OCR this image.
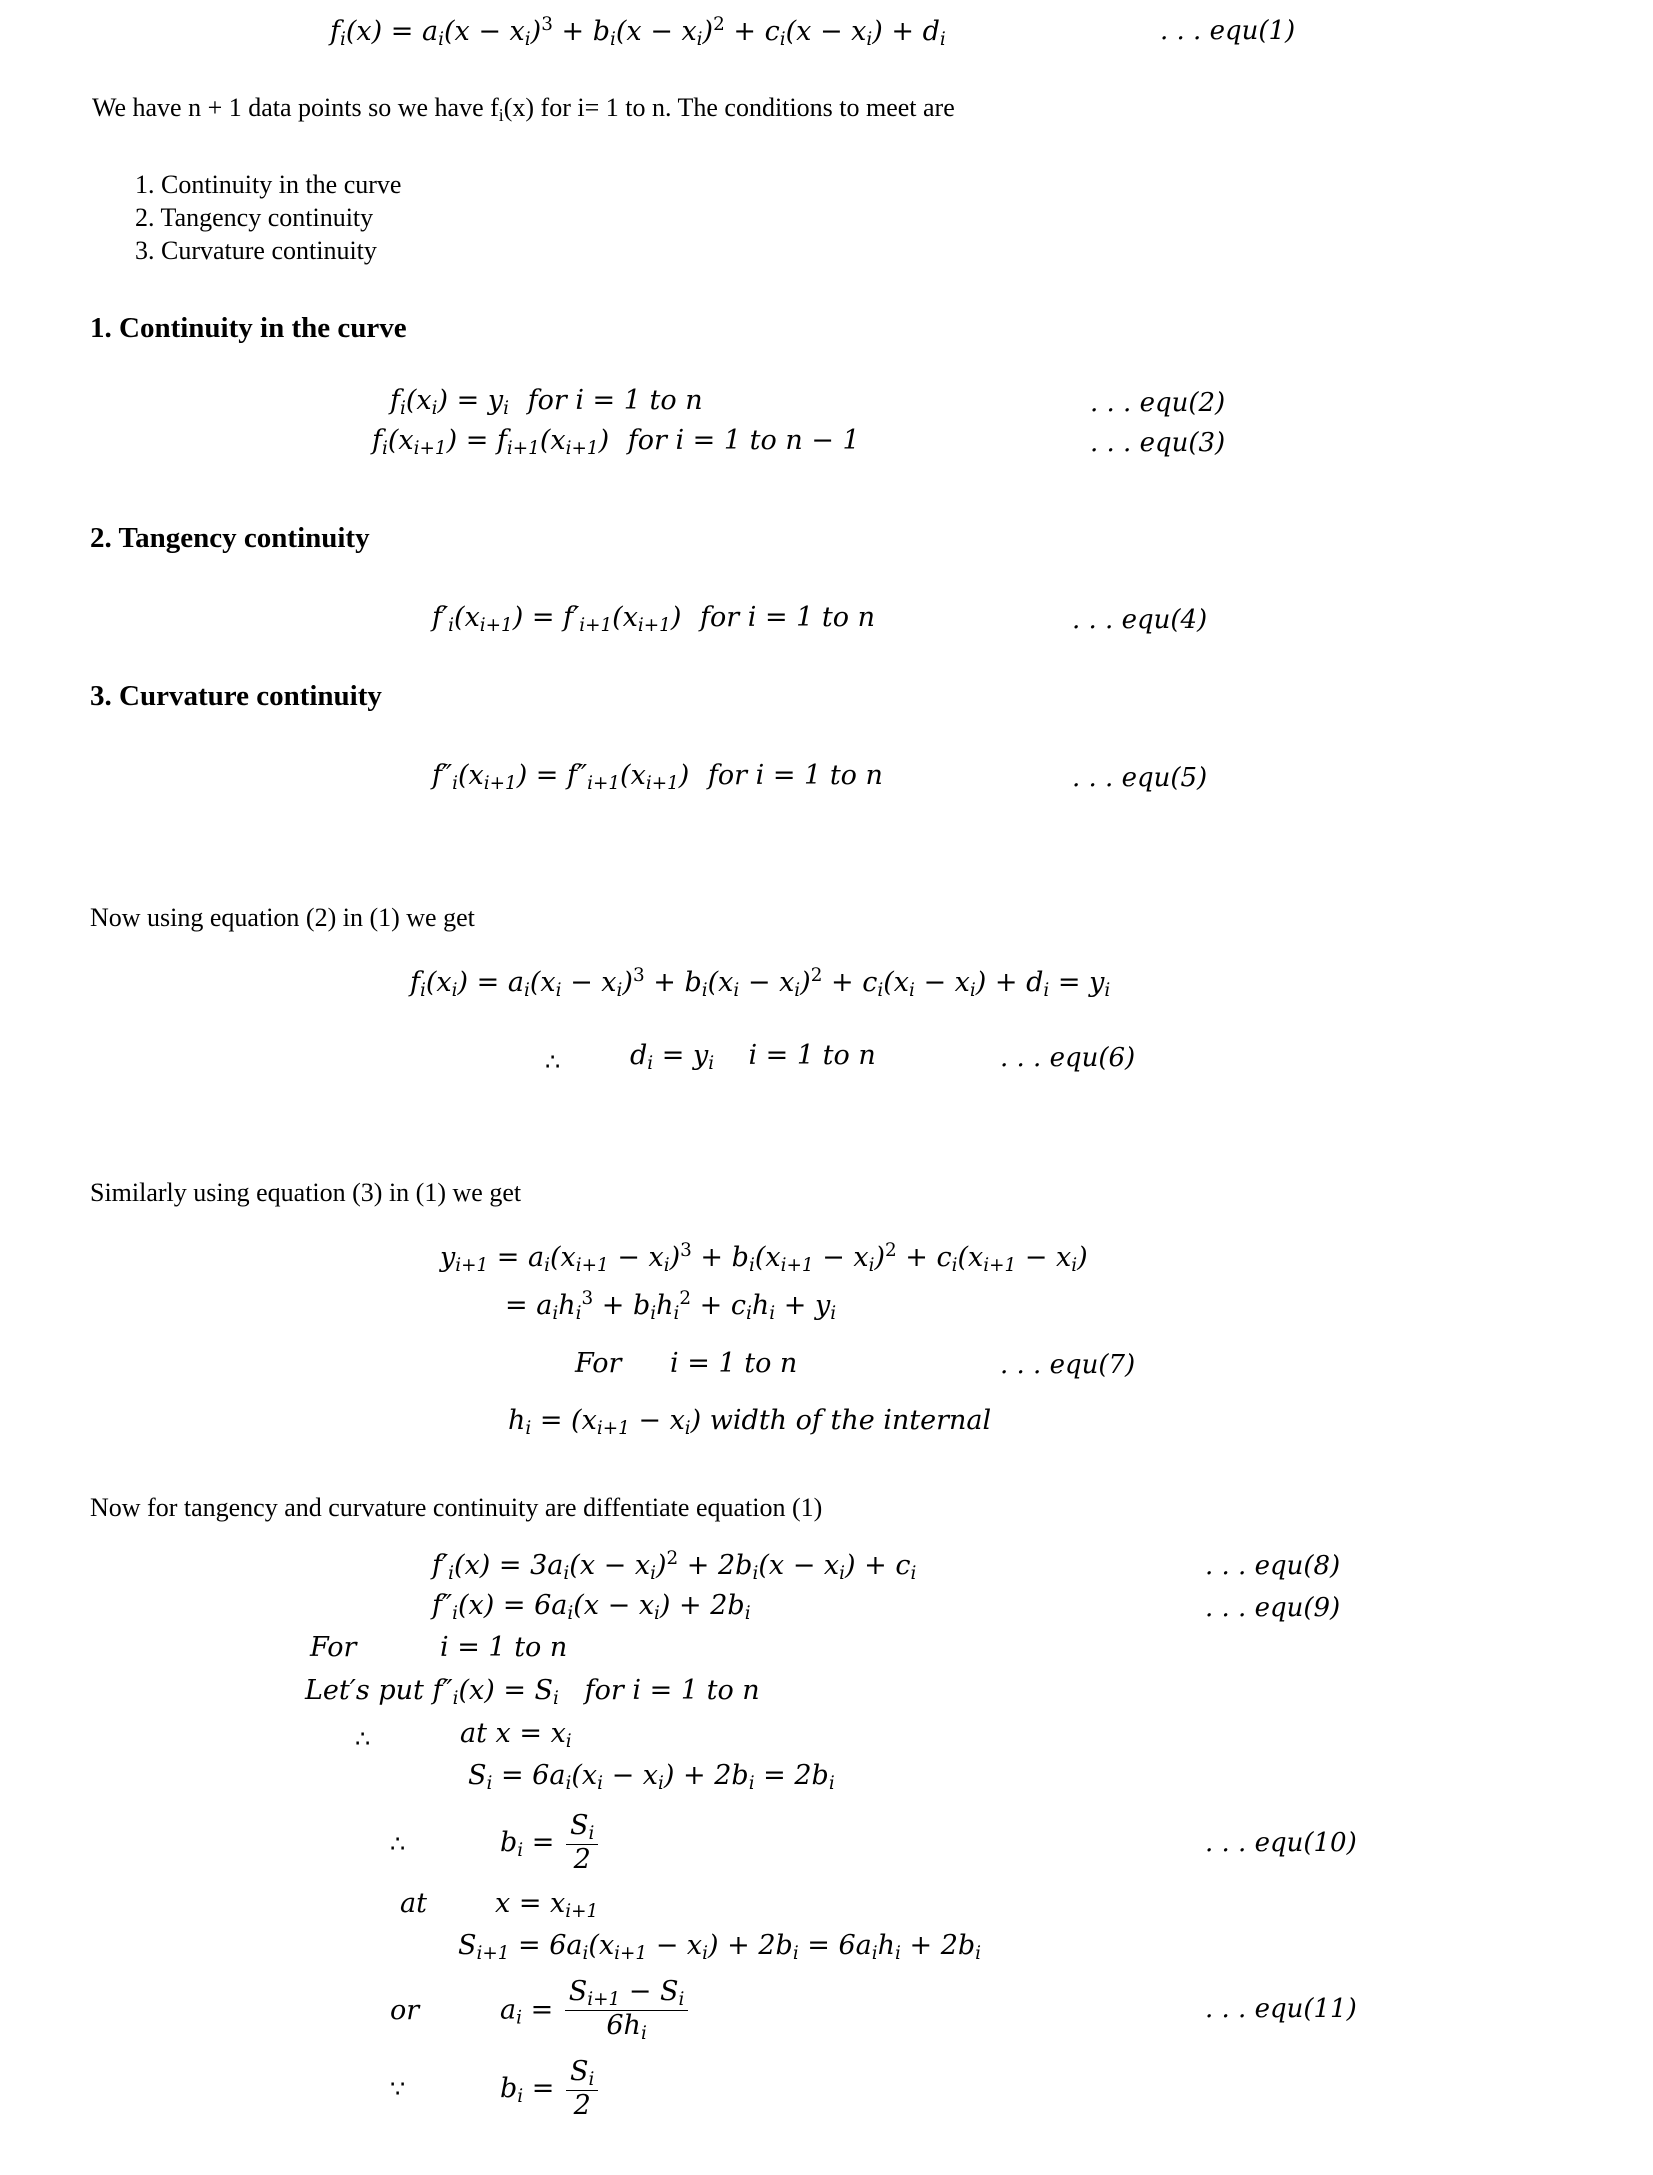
$f_i(x) = a_i(x - x_i)^3 + b_i(x - x_i)^2 + c_i(x - x_i) + d_i$	. . . equ(1)
We have n + 1 data points so we have $f_i(x)$ for i= 1 to n. The conditions to meet are
1. Continuity in the curve
2. Tangency continuity
3. Curvature continuity
1. Continuity in the curve
$f_i(x_i) = y_i$ for i = 1 to n	. . . equ(2)
$f_i(x_{i+1}) = f_{i+1}(x_{i+1})$ for i = 1 to n − 1	. . . equ(3)
2. Tangency continuity
$f'_i(x_{i+1}) = f'_{i+1}(x_{i+1})$ for i = 1 to n	. . . equ(4)
3. Curvature continuity
$f''_i(x_{i+1}) = f''_{i+1}(x_{i+1})$ for i = 1 to n	. . . equ(5)
Now using equation (2) in (1) we get
$f_i(x_i) = a_i(x_i - x_i)^3 + b_i(x_i - x_i)^2 + c_i(x_i - x_i) + d_i = y_i$
∴	$d_i = y_i$ i = 1 to n	. . . equ(6)
Similarly using equation (3) in (1) we get
$y_{i+1} = a_i(x_{i+1} - x_i)^3 + b_i(x_{i+1} - x_i)^2 + c_i(x_{i+1} - x_i)$
= $a_ih_i^3 + b_ih_i^2 + c_ih_i + y_i$
For i = 1 to n	. . . equ(7)
$h_i = (x_{i+1} - x_i)$ width of the internal
Now for tangency and curvature continuity are diffentiate equation (1)
$f'_i(x) = 3a_i(x - x_i)^2 + 2b_i(x - x_i) + c_i$	. . . equ(8)
$f''_i(x) = 6a_i(x - x_i) + 2b_i$	. . . equ(9)
For	i = 1 to n
Let′s put $f''_i(x) = S_i$ for i = 1 to n
∴	at $x = x_i$
$S_i = 6a_i(x_i - x_i) + 2b_i = 2b_i$
∴	$b_i = \frac{S_i}{2}$	. . . equ(10)
at	$x = x_{i+1}$
$S_{i+1} = 6a_i(x_{i+1} - x_i) + 2b_i = 6a_ih_i + 2b_i$
or	$a_i = \frac{S_{i+1} - S_i}{6h_i}$	. . . equ(11)
∵	$b_i = \frac{S_i}{2}$
